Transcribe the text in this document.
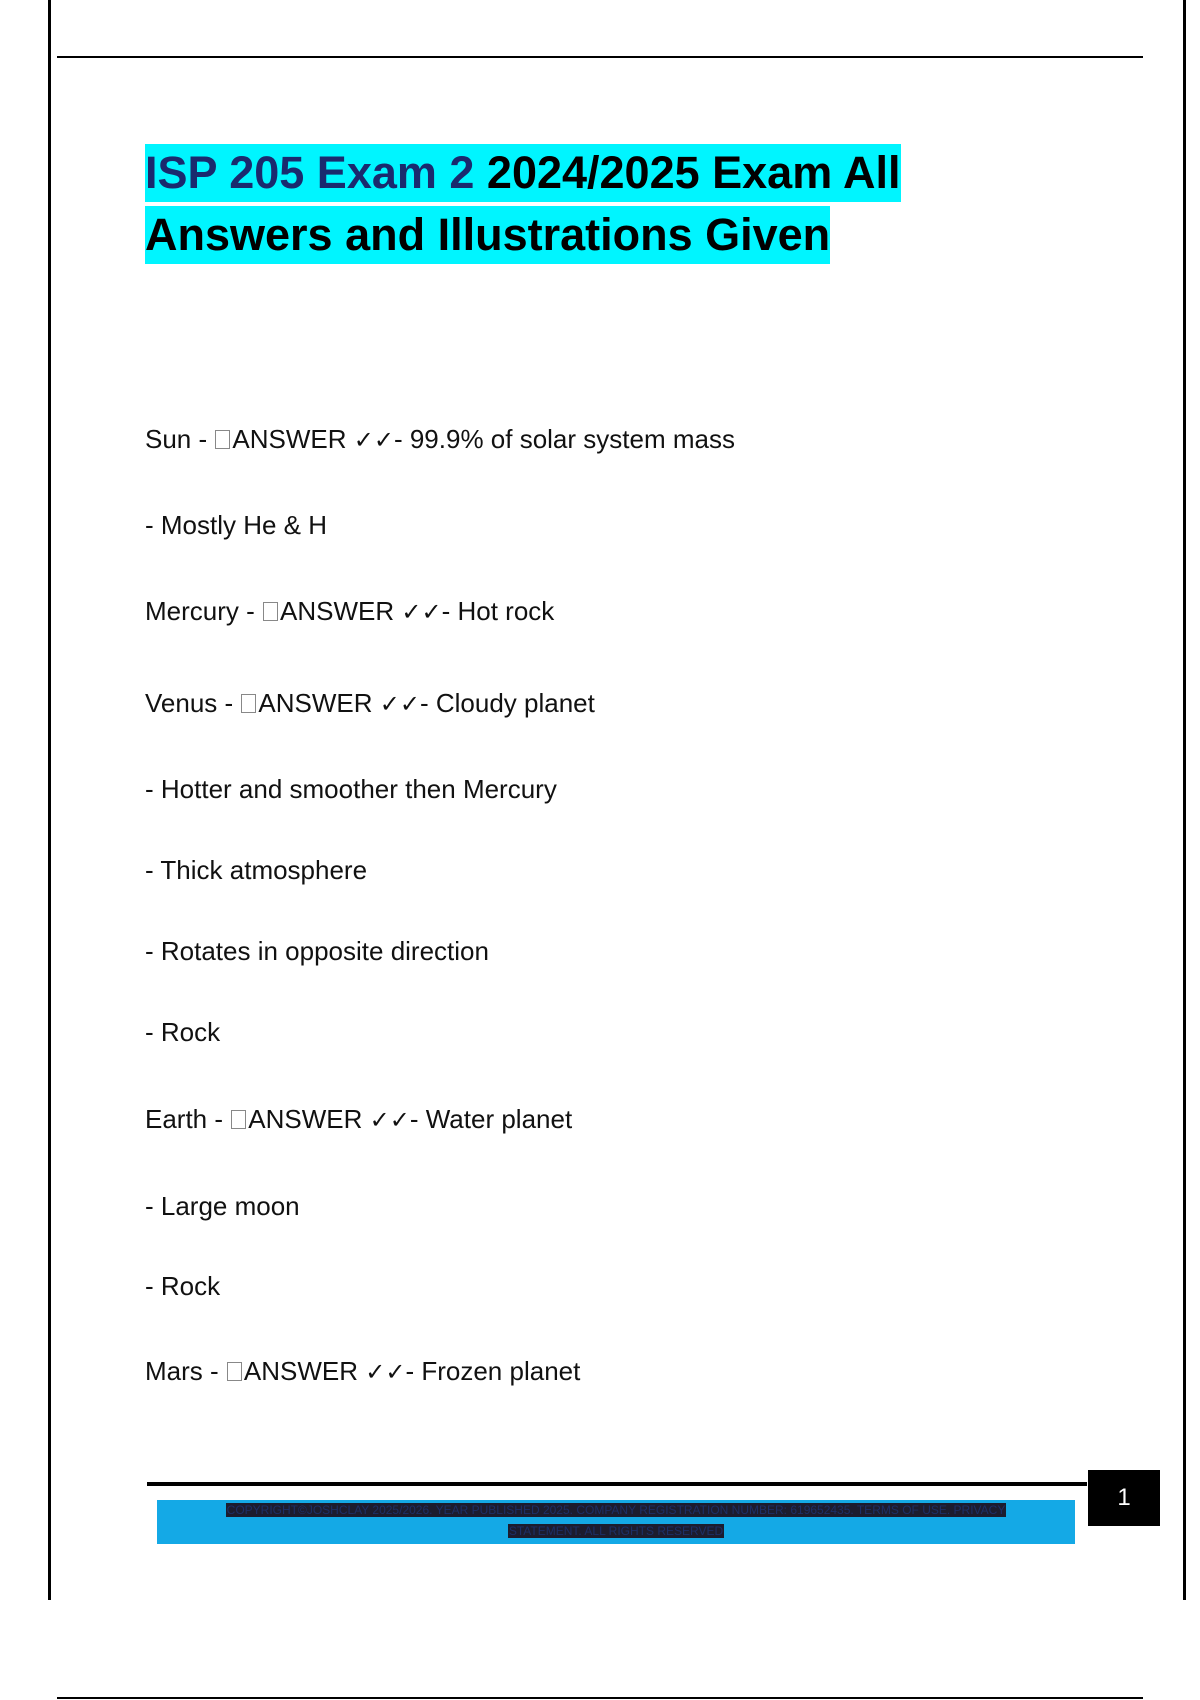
ISP 205 Exam 2 2024/2025 Exam All
Answers and Illustrations Given
Sun - ANSWER ✓✓- 99.9% of solar system mass
- Mostly He & H
Mercury - ANSWER ✓✓- Hot rock
Venus - ANSWER ✓✓- Cloudy planet
- Hotter and smoother then Mercury
- Thick atmosphere
- Rotates in opposite direction
- Rock
Earth - ANSWER ✓✓- Water planet
- Large moon
- Rock
Mars - ANSWER ✓✓- Frozen planet
COPYRIGHT©JOSHCLAY 2025/2026. YEAR PUBLISHED 2025. COMPANY REGISTRATION NUMBER: 619652435. TERMS OF USE. PRIVACY
STATEMENT. ALL RIGHTS RESERVED
1
